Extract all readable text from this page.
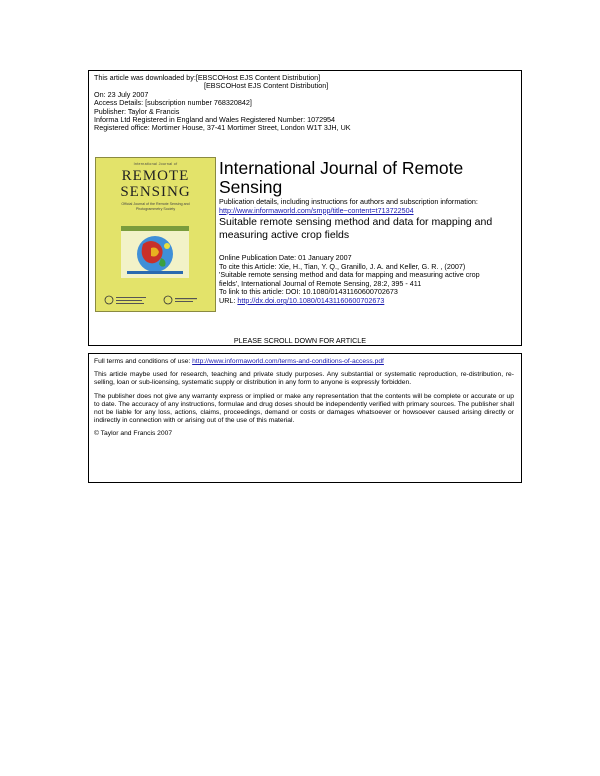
This article was downloaded by:[EBSCOHost EJS Content Distribution]
[EBSCOHost EJS Content Distribution]
On: 23 July 2007
Access Details: [subscription number 768320842]
Publisher: Taylor & Francis
Informa Ltd Registered in England and Wales Registered Number: 1072954
Registered office: Mortimer House, 37-41 Mortimer Street, London W1T 3JH, UK
International Journal of
REMOTE
SENSING
Official Journal of the Remote Sensing and
Photogrammetry Society
International Journal of Remote Sensing
Publication details, including instructions for authors and subscription information:
http://www.informaworld.com/smpp/title~content=t713722504
Suitable remote sensing method and data for mapping and measuring active crop fields
Online Publication Date: 01 January 2007
To cite this Article: Xie, H., Tian, Y. Q., Granillo, J. A. and Keller, G. R. , (2007)
'Suitable remote sensing method and data for mapping and measuring active crop
fields', International Journal of Remote Sensing, 28:2, 395 - 411
To link to this article: DOI: 10.1080/01431160600702673
URL: http://dx.doi.org/10.1080/01431160600702673
PLEASE SCROLL DOWN FOR ARTICLE

Full terms and conditions of use: http://www.informaworld.com/terms-and-conditions-of-access.pdf

This article maybe used for research, teaching and private study purposes. Any substantial or systematic reproduction, re-distribution, re-selling, loan or sub-licensing, systematic supply or distribution in any form to anyone is expressly forbidden.

The publisher does not give any warranty express or implied or make any representation that the contents will be complete or accurate or up to date. The accuracy of any instructions, formulae and drug doses should be independently verified with primary sources. The publisher shall not be liable for any loss, actions, claims, proceedings, demand or costs or damages whatsoever or howsoever caused arising directly or indirectly in connection with or arising out of the use of this material.

© Taylor and Francis 2007
